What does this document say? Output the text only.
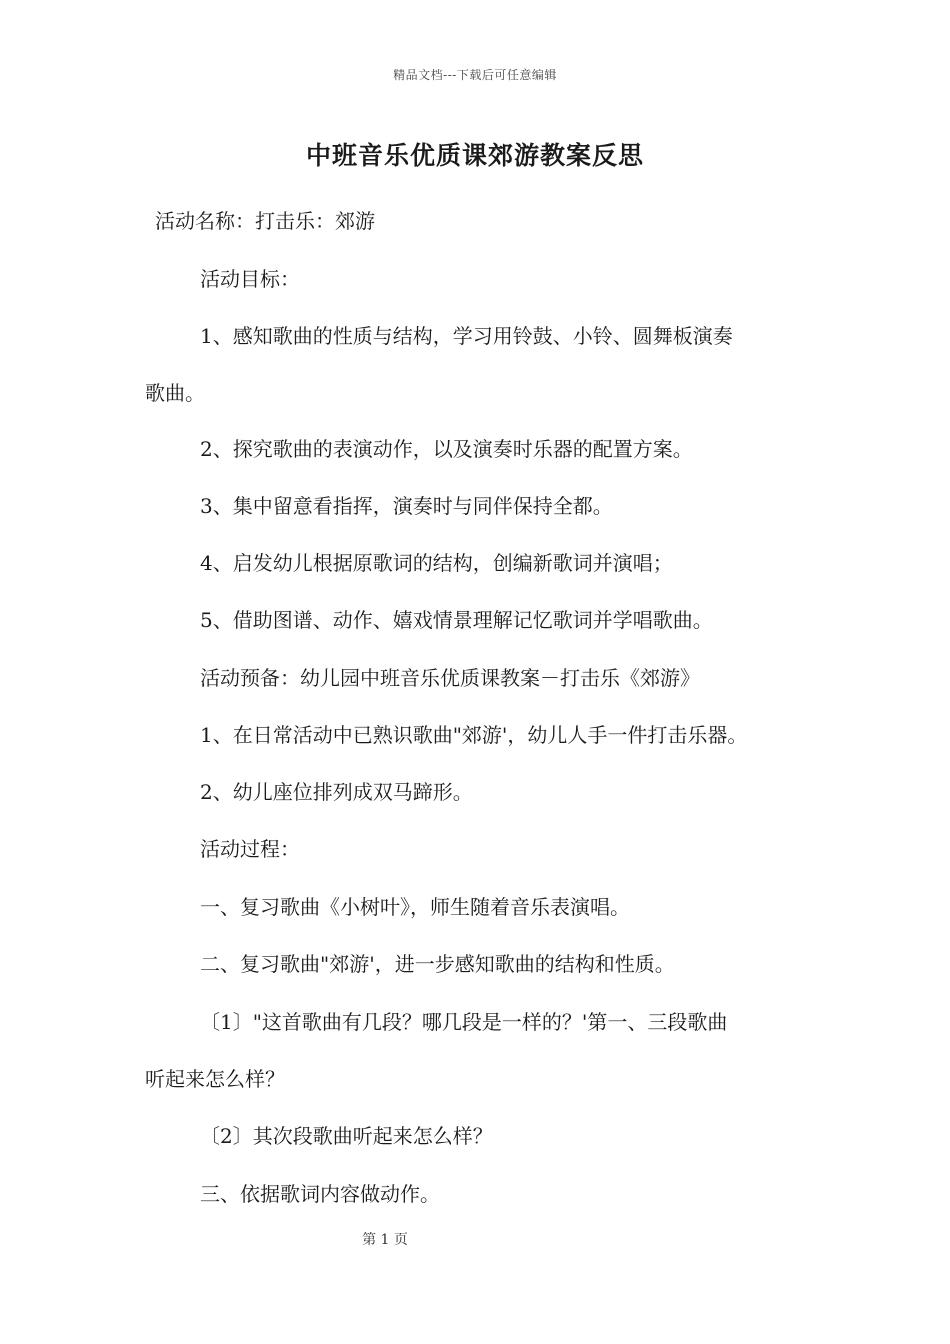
精品文档---下载后可任意编辑
中班音乐优质课郊游教案反思
活动名称：打击乐：郊游
活动目标：
1、感知歌曲的性质与结构，学习用铃鼓、小铃、圆舞板演奏
歌曲。
2、探究歌曲的表演动作，以及演奏时乐器的配置方案。
3、集中留意看指挥，演奏时与同伴保持全都。
4、启发幼儿根据原歌词的结构，创编新歌词并演唱；
5、借助图谱、动作、嬉戏情景理解记忆歌词并学唱歌曲。
活动预备：幼儿园中班音乐优质课教案－打击乐《郊游》
1、在日常活动中已熟识歌曲"郊游'，幼儿人手一件打击乐器。
2、幼儿座位排列成双马蹄形。
活动过程：
一、复习歌曲《小树叶》，师生随着音乐表演唱。
二、复习歌曲"郊游'，进一步感知歌曲的结构和性质。
〔1〕"这首歌曲有几段？哪几段是一样的？'第一、三段歌曲
听起来怎么样？
〔2〕其次段歌曲听起来怎么样？
三、依据歌词内容做动作。
第 1 页
